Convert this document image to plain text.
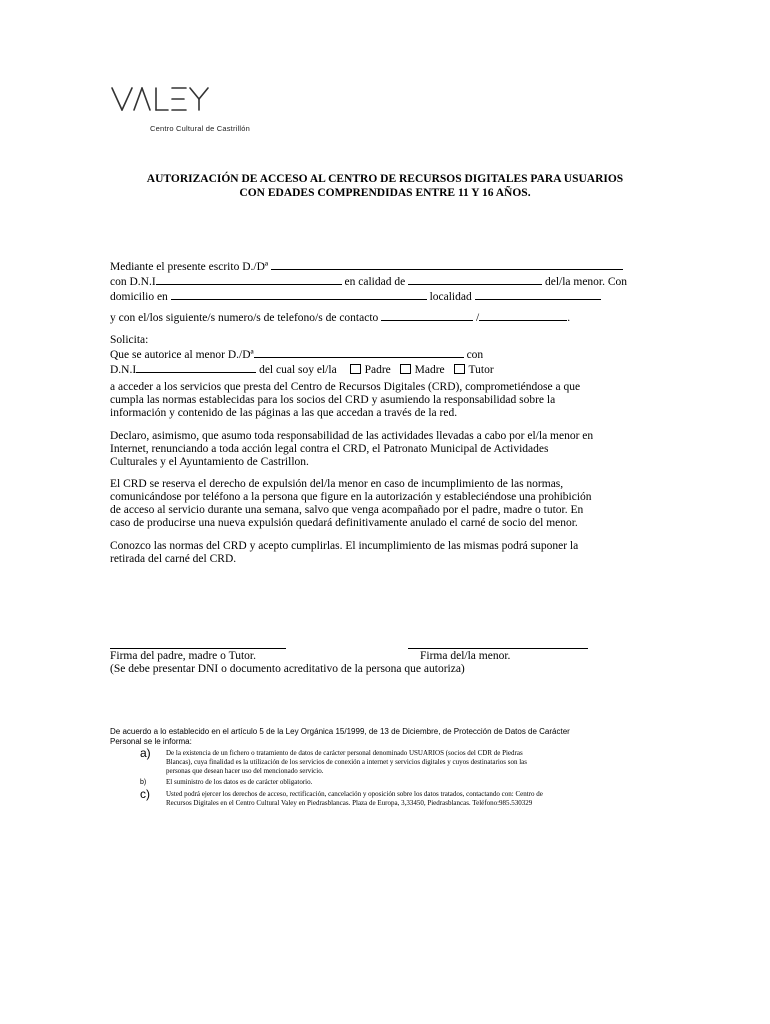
Centro Cultural de Castrillón
AUTORIZACIÓN DE ACCESO AL CENTRO DE RECURSOS DIGITALES PARA USUARIOS
CON EDADES COMPRENDIDAS ENTRE 11 Y 16 AÑOS.
Mediante el presente escrito D./Dª
con D.N.I	en calidad de	del/la menor. Con
domicilio en	localidad
y con el/los siguiente/s numero/s de telefono/s de contacto	/	.
Solicita:
Que se autorice al menor D./Dª	con
D.N.I	del cual soy el/la Padre Madre Tutor
a acceder a los servicios que presta del Centro de Recursos Digitales (CRD), comprometiéndose a que
cumpla las normas establecidas para los socios del CRD y asumiendo la responsabilidad sobre la
información y contenido de las páginas a las que accedan a través de la red.
Declaro, asimismo, que asumo toda responsabilidad de las actividades llevadas a cabo por el/la menor en
Internet, renunciando a toda acción legal contra el CRD, el Patronato Municipal de Actividades
Culturales y el Ayuntamiento de Castrillon.
El CRD se reserva el derecho de expulsión del/la menor en caso de incumplimiento de las normas,
comunicándose por teléfono a la persona que figure en la autorización y estableciéndose una prohibición
de acceso al servicio durante una semana, salvo que venga acompañado por el padre, madre o tutor. En
caso de producirse una nueva expulsión quedará definitivamente anulado el carné de socio del menor.
Conozco las normas del CRD y acepto cumplirlas. El incumplimiento de las mismas podrá suponer la
retirada del carné del CRD.
Firma del padre, madre o Tutor.	Firma del/la menor.
(Se debe presentar DNI o documento acreditativo de la persona que autoriza)
De acuerdo a lo establecido en el artículo 5 de la Ley Orgánica 15/1999, de 13 de Diciembre, de Protección de Datos de Carácter
Personal se le informa:
a) De la existencia de un fichero o tratamiento de datos de carácter personal denominado USUARIOS (socios del CDR de Piedras
Blancas), cuya finalidad es la utilización de los servicios de conexión a internet y servicios digitales y cuyos destinatarios son las
personas que desean hacer uso del mencionado servicio.
b)	El suministro de los datos es de carácter obligatorio.
c) Usted podrá ejercer los derechos de acceso, rectificación, cancelación y oposición sobre los datos tratados, contactando con: Centro de
Recursos Digitales en el Centro Cultural Valey en Piedrasblancas. Plaza de Europa, 3,33450, Piedrasblancas. Teléfono:985.530329
